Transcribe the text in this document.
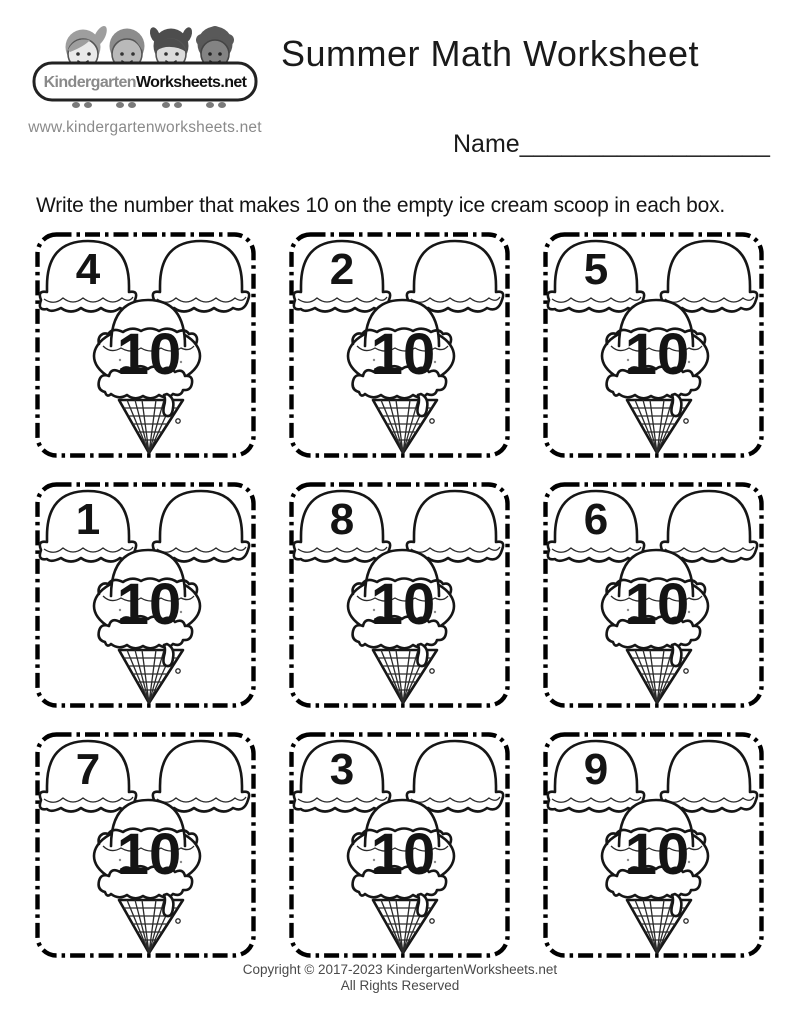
KindergartenWorksheets.net
www.kindergartenworksheets.net
Summer Math Worksheet
Name__________________
Write the number that makes 10 on the empty ice cream scoop in each box.
4
10
2
10
5
10
1
10
8
10
6
10
7
10
3
10
9
10
Copyright © 2017-2023 KindergartenWorksheets.net
All Rights Reserved
